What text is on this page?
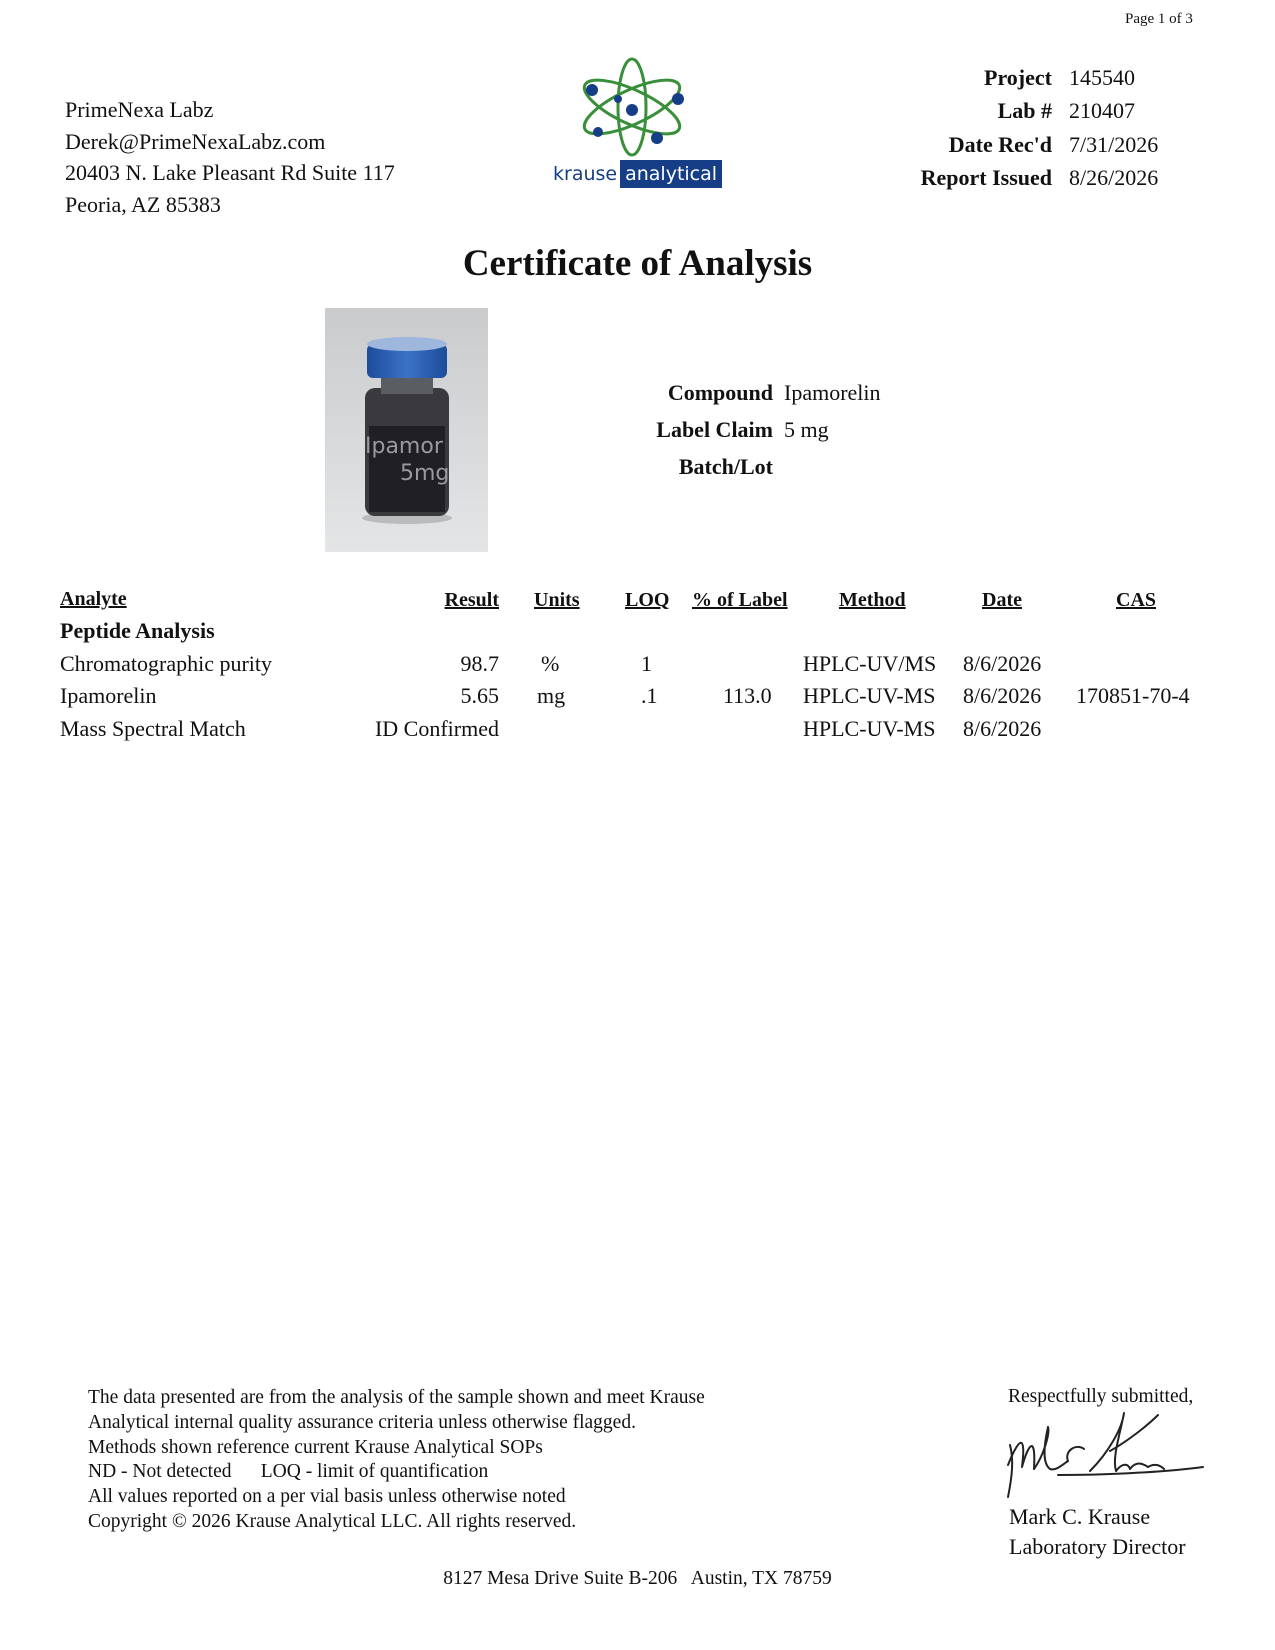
Page 1 of 3
PrimeNexa Labz
Derek@PrimeNexaLabz.com
20403 N. Lake Pleasant Rd Suite 117
Peoria, AZ 85383
krause analytical
Project 145540
Lab # 210407
Date Rec'd 7/31/2026
Report Issued 8/26/2026
Certificate of Analysis
Ipamor
5mg
Compound Ipamorelin
Label Claim 5 mg
Batch/Lot
Analyte	Result Units LOQ % of Label	Method	Date	CAS
Peptide Analysis
Chromatographic purity	98.7 %	1	HPLC-UV/MS 8/6/2026
Ipamorelin	5.65 mg	.1	113.0 HPLC-UV-MS 8/6/2026 170851-70-4
Mass Spectral Match	ID Confirmed	HPLC-UV-MS 8/6/2026
The data presented are from the analysis of the sample shown and meet Krause
Analytical internal quality assurance criteria unless otherwise flagged.
Methods shown reference current Krause Analytical SOPs
ND - Not detected      LOQ - limit of quantification
All values reported on a per vial basis unless otherwise noted
Copyright © 2026 Krause Analytical LLC. All rights reserved.
Respectfully submitted,
Mark C. Krause
Laboratory Director
8127 Mesa Drive Suite B-206   Austin, TX 78759
